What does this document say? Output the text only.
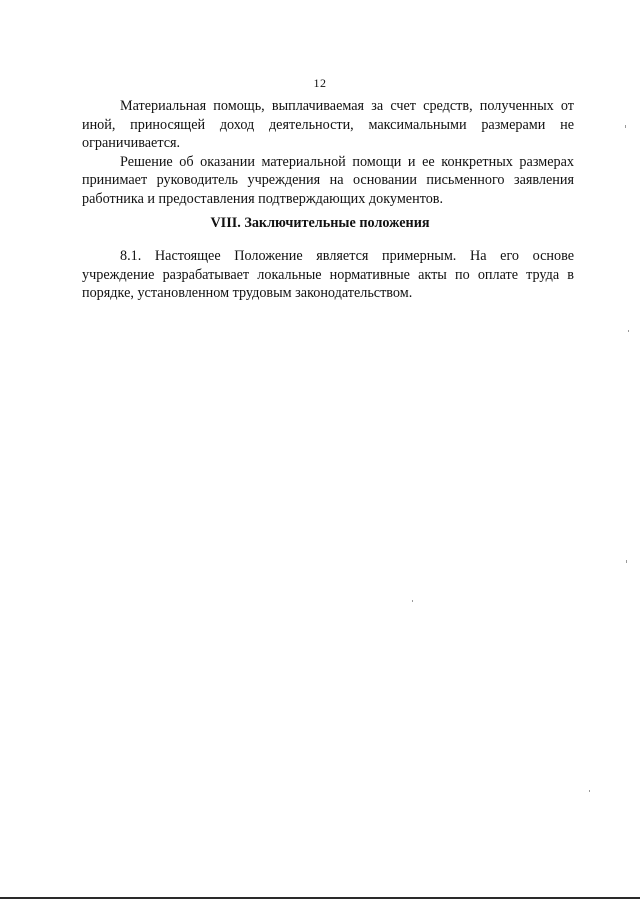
12

Материальная помощь, выплачиваемая за счет средств, полученных от иной, приносящей доход деятельности, максимальными размерами не ограничивается.

Решение об оказании материальной помощи и ее конкретных размерах принимает руководитель учреждения на основании письменного заявления работника и предоставления подтверждающих документов.

VIII. Заключительные положения

8.1. Настоящее Положение является примерным. На его основе учреждение разрабатывает локальные нормативные акты по оплате труда в порядке, установленном трудовым законодательством.
